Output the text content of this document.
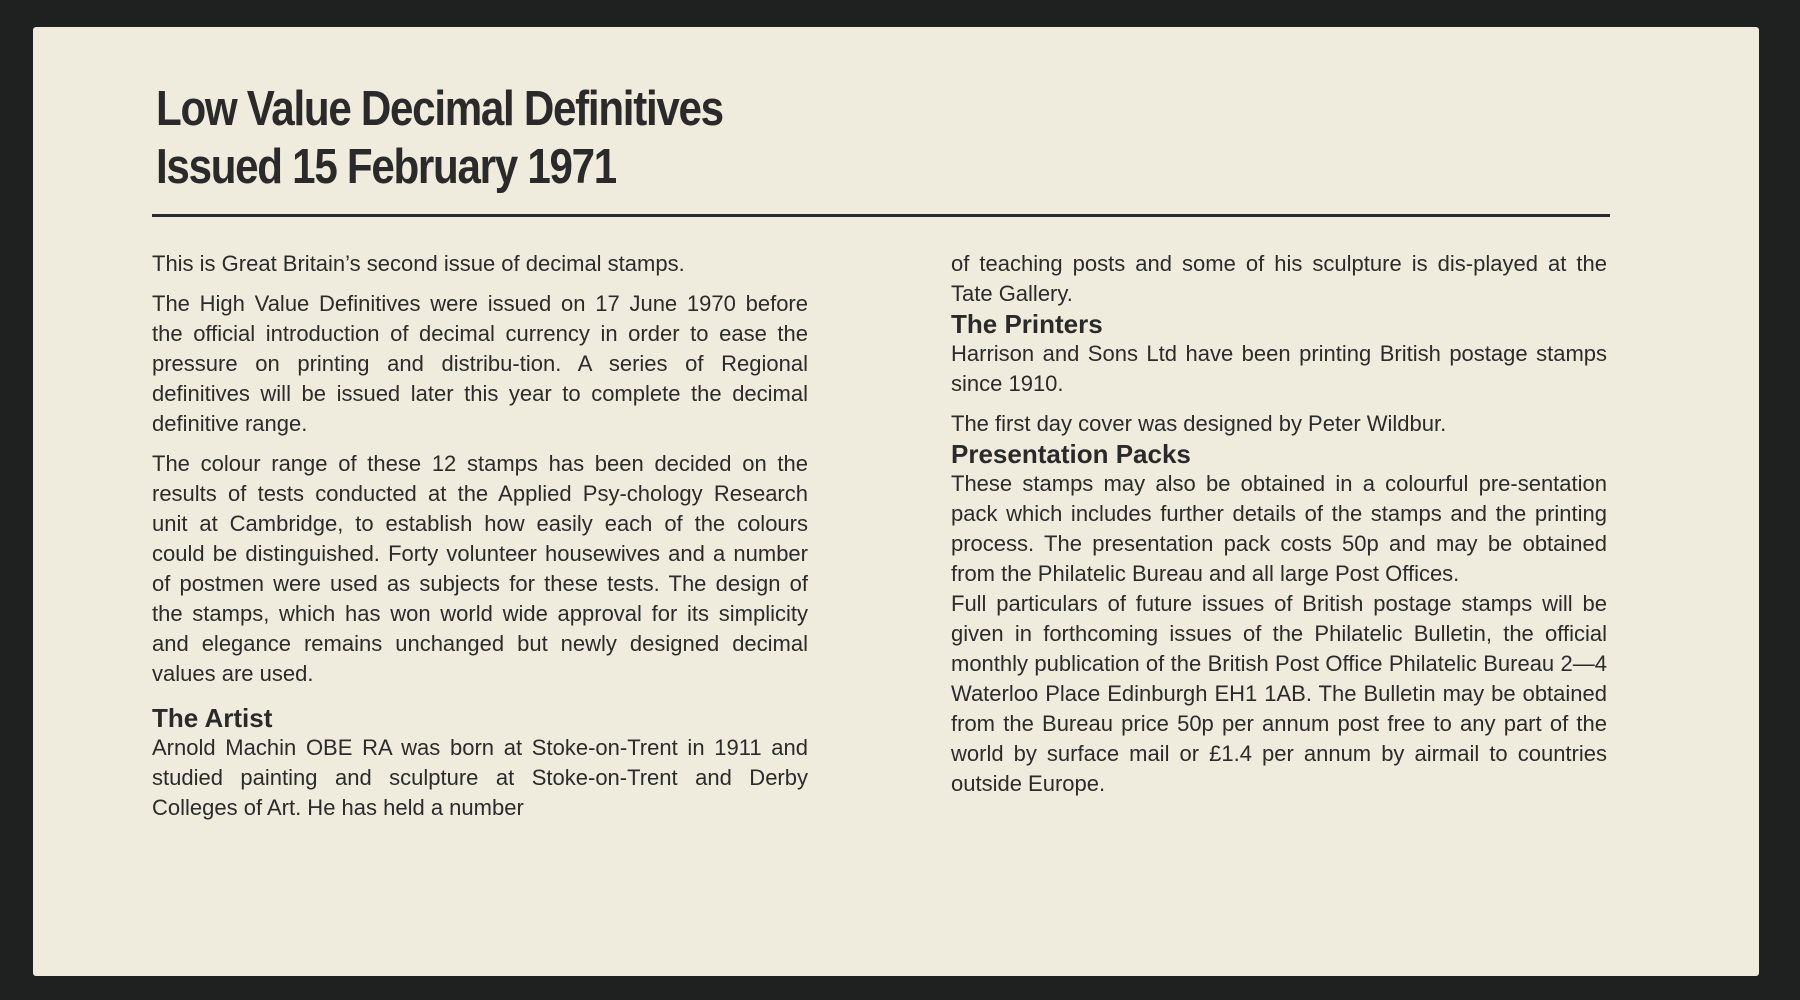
Low Value Decimal Definitives
Issued 15 February 1971

This is Great Britain’s second issue of decimal stamps.

The High Value Definitives were issued on 17 June 1970 before the official introduction of decimal currency in order to ease the pressure on printing and distribu-tion. A series of Regional definitives will be issued later this year to complete the decimal definitive range.

The colour range of these 12 stamps has been decided on the results of tests conducted at the Applied Psy-chology Research unit at Cambridge, to establish how easily each of the colours could be distinguished. Forty volunteer housewives and a number of postmen were used as subjects for these tests. The design of the stamps, which has won world wide approval for its simplicity and elegance remains unchanged but newly designed decimal values are used.

The Artist

Arnold Machin OBE RA was born at Stoke-on-Trent in 1911 and studied painting and sculpture at Stoke-on-Trent and Derby Colleges of Art. He has held a number

of teaching posts and some of his sculpture is dis-played at the Tate Gallery.

The Printers

Harrison and Sons Ltd have been printing British postage stamps since 1910.

The first day cover was designed by Peter Wildbur.

Presentation Packs

These stamps may also be obtained in a colourful pre-sentation pack which includes further details of the stamps and the printing process. The presentation pack costs 50p and may be obtained from the Philatelic Bureau and all large Post Offices.

Full particulars of future issues of British postage stamps will be given in forthcoming issues of the Philatelic Bulletin, the official monthly publication of the British Post Office Philatelic Bureau 2—4 Waterloo Place Edinburgh EH1 1AB. The Bulletin may be obtained from the Bureau price 50p per annum post free to any part of the world by surface mail or £1.4 per annum by airmail to countries outside Europe.
